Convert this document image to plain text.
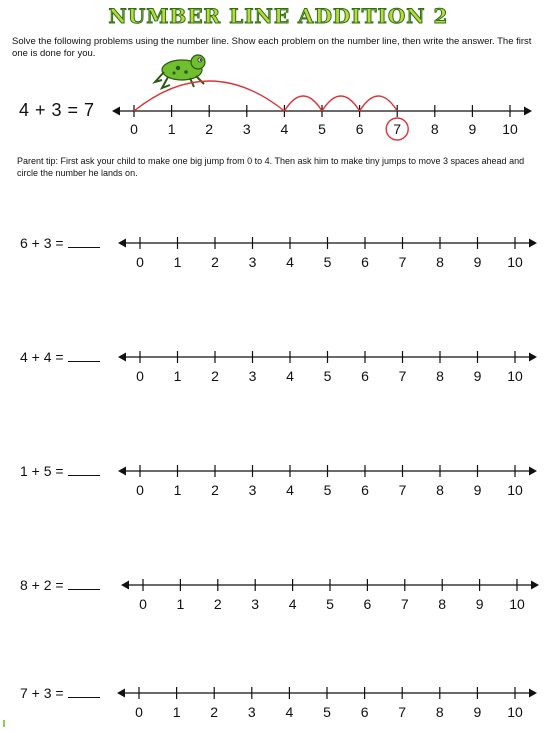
NUMBER LINE ADDITION 2
Solve the following problems using the number line. Show each problem on the number line, then write the answer. The first one is done for you.
4 + 3 = 7
0 1 2 3 4 5 6 7 8 9 10
Parent tip: First ask your child to make one big jump from 0 to 4. Then ask him to make tiny jumps to move 3 spaces ahead and circle the number he lands on.
6 + 3 =
0 1 2 3 4 5 6 7 8 9 10
4 + 4 =
0 1 2 3 4 5 6 7 8 9 10
1 + 5 =
0 1 2 3 4 5 6 7 8 9 10
8 + 2 =
0 1 2 3 4 5 6 7 8 9 10
7 + 3 =
0 1 2 3 4 5 6 7 8 9 10
